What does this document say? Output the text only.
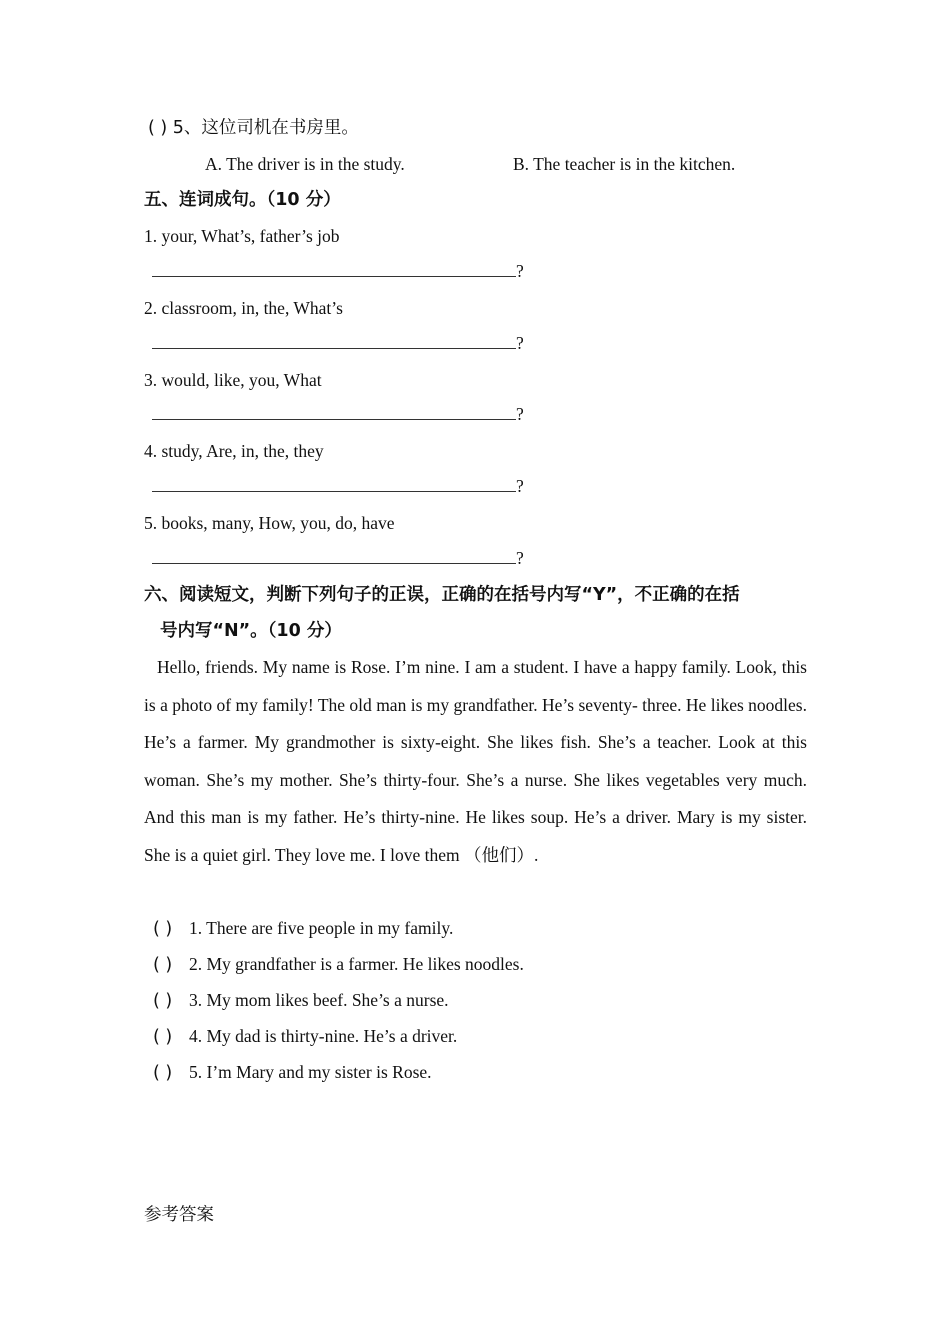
( ) 5、这位司机在书房里。
A. The driver is in the study.	B. The teacher is in the kitchen.
五、连词成句。（10 分）
1. your, What’s, father’s job
?
2. classroom, in, the, What’s
?
3. would, like, you, What
?
4. study, Are, in, the, they
?
5. books, many, How, you, do, have
?
六、阅读短文，判断下列句子的正误，正确的在括号内写“Y”，不正确的在括
号内写“N”。（10 分）

Hello, friends. My name is Rose. I’m nine. I am a student. I have a happy family. Look, this is a photo of my family! The old man is my grandfather. He’s seventy- three. He likes noodles. He’s a farmer. My grandmother is sixty-eight. She likes fish. She’s a teacher. Look at this woman. She’s my mother. She’s thirty-four. She’s a nurse. She likes vegetables very much. And this man is my father. He’s thirty-nine. He likes soup. He’s a driver. Mary is my sister. She is a quiet girl. They love me. I love them （他们）.

( ) 1. There are five people in my family.
( ) 2. My grandfather is a farmer. He likes noodles.
( ) 3. My mom likes beef. She’s a nurse.
( ) 4. My dad is thirty-nine. He’s a driver.
( ) 5. I’m Mary and my sister is Rose.
参考答案
